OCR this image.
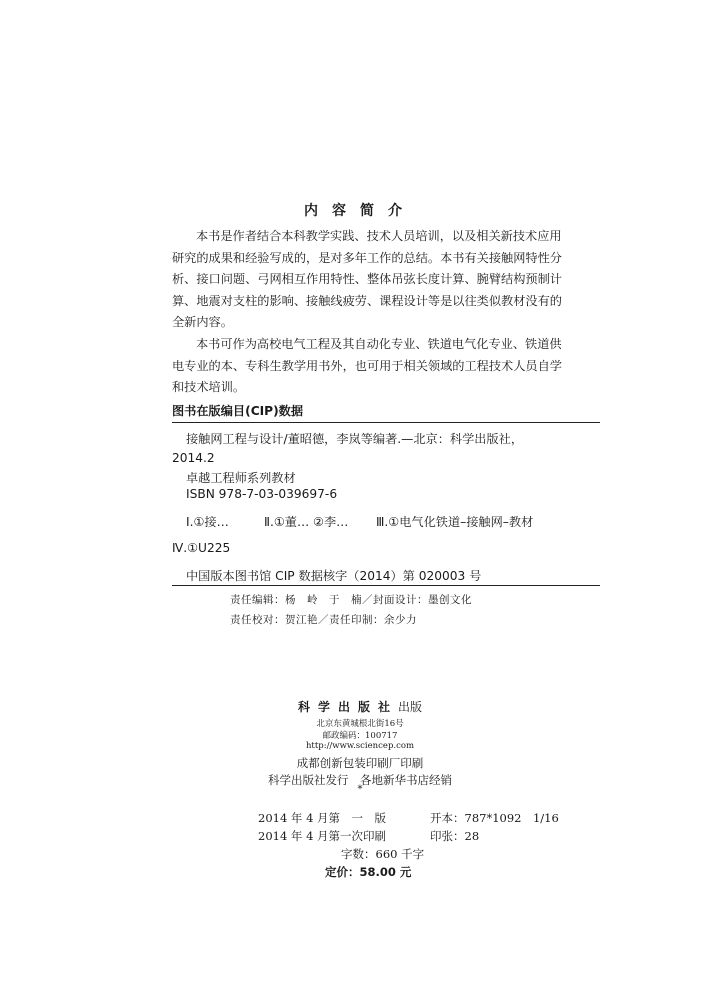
内容简介
本书是作者结合本科教学实践、技术人员培训，以及相关新技术应用
研究的成果和经验写成的，是对多年工作的总结。本书有关接触网特性分
析、接口问题、弓网相互作用特性、整体吊弦长度计算、腕臂结构预制计
算、地震对支柱的影响、接触线疲劳、课程设计等是以往类似教材没有的
全新内容。
本书可作为高校电气工程及其自动化专业、铁道电气化专业、铁道供
电专业的本、专科生教学用书外，也可用于相关领域的工程技术人员自学
和技术培训。
图书在版编目(CIP)数据
接触网工程与设计/董昭德，李岚等编著.—北京：科学出版社，
2014.2
卓越工程师系列教材
ISBN 978-7-03-039697-6
Ⅰ.①接…	Ⅱ.①董… ②李… Ⅲ.①电气化铁道–接触网–教材
Ⅳ.①U225
中国版本图书馆 CIP 数据核字（2014）第 020003 号
责任编辑：杨　岭　于　楠／封面设计：墨创文化
责任校对：贺江艳／责任印制：余少力
科学出版社出版
北京东黄城根北街16号
邮政编码：100717
http://www.sciencep.com
成都创新包装印刷厂印刷
科学出版社发行　各地新华书店经销
*
2014 年 4 月第　一　版	开本：787*1092　1/16
2014 年 4 月第一次印刷	印张：28
字数：660 千字
定价：58.00 元
